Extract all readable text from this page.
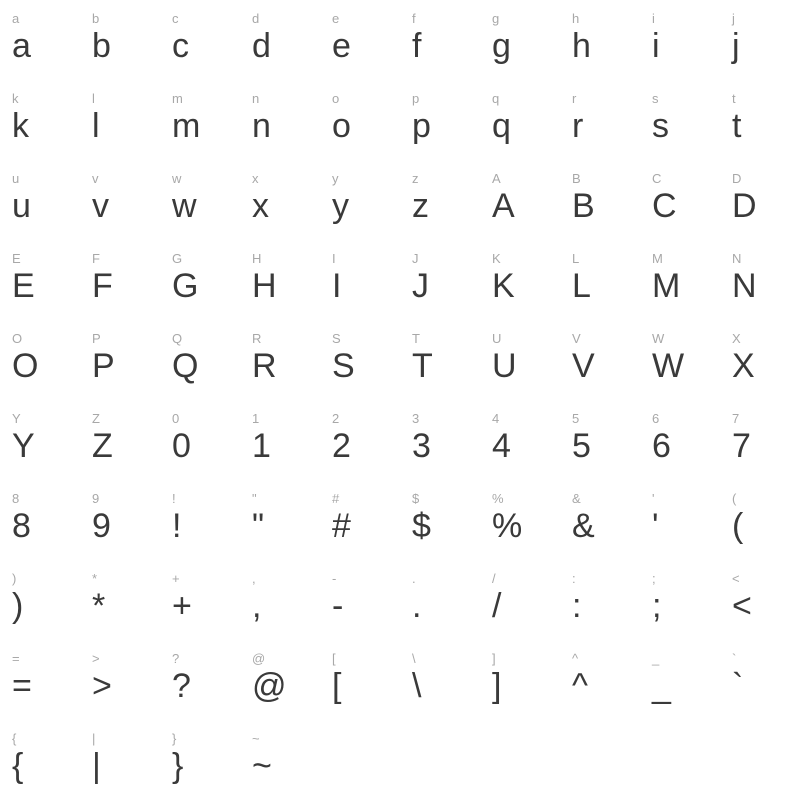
a
a
b
b
c
c
d
d
e
e
f
f
g
g
h
h
i
i
j
j
k
k
l
l
m
m
n
n
o
o
p
p
q
q
r
r
s
s
t
t
u
u
v
v
w
w
x
x
y
y
z
z
A
A
B
B
C
C
D
D
E
E
F
F
G
G
H
H
I
I
J
J
K
K
L
L
M
M
N
N
O
O
P
P
Q
Q
R
R
S
S
T
T
U
U
V
V
W
W
X
X
Y
Y
Z
Z
0
0
1
1
2
2
3
3
4
4
5
5
6
6
7
7
8
8
9
9
!
!
"
"
#
#
$
$
%
%
&
&
'
'
(
(
)
)
*
*
+
+
,
,
-
-
.
.
/
/
:
:
;
;
<
<
=
=
>
>
?
?
@
@
[
[
\
\
]
]
^
^
_
_
`
`
{
{
|
|
}
}
~
~
